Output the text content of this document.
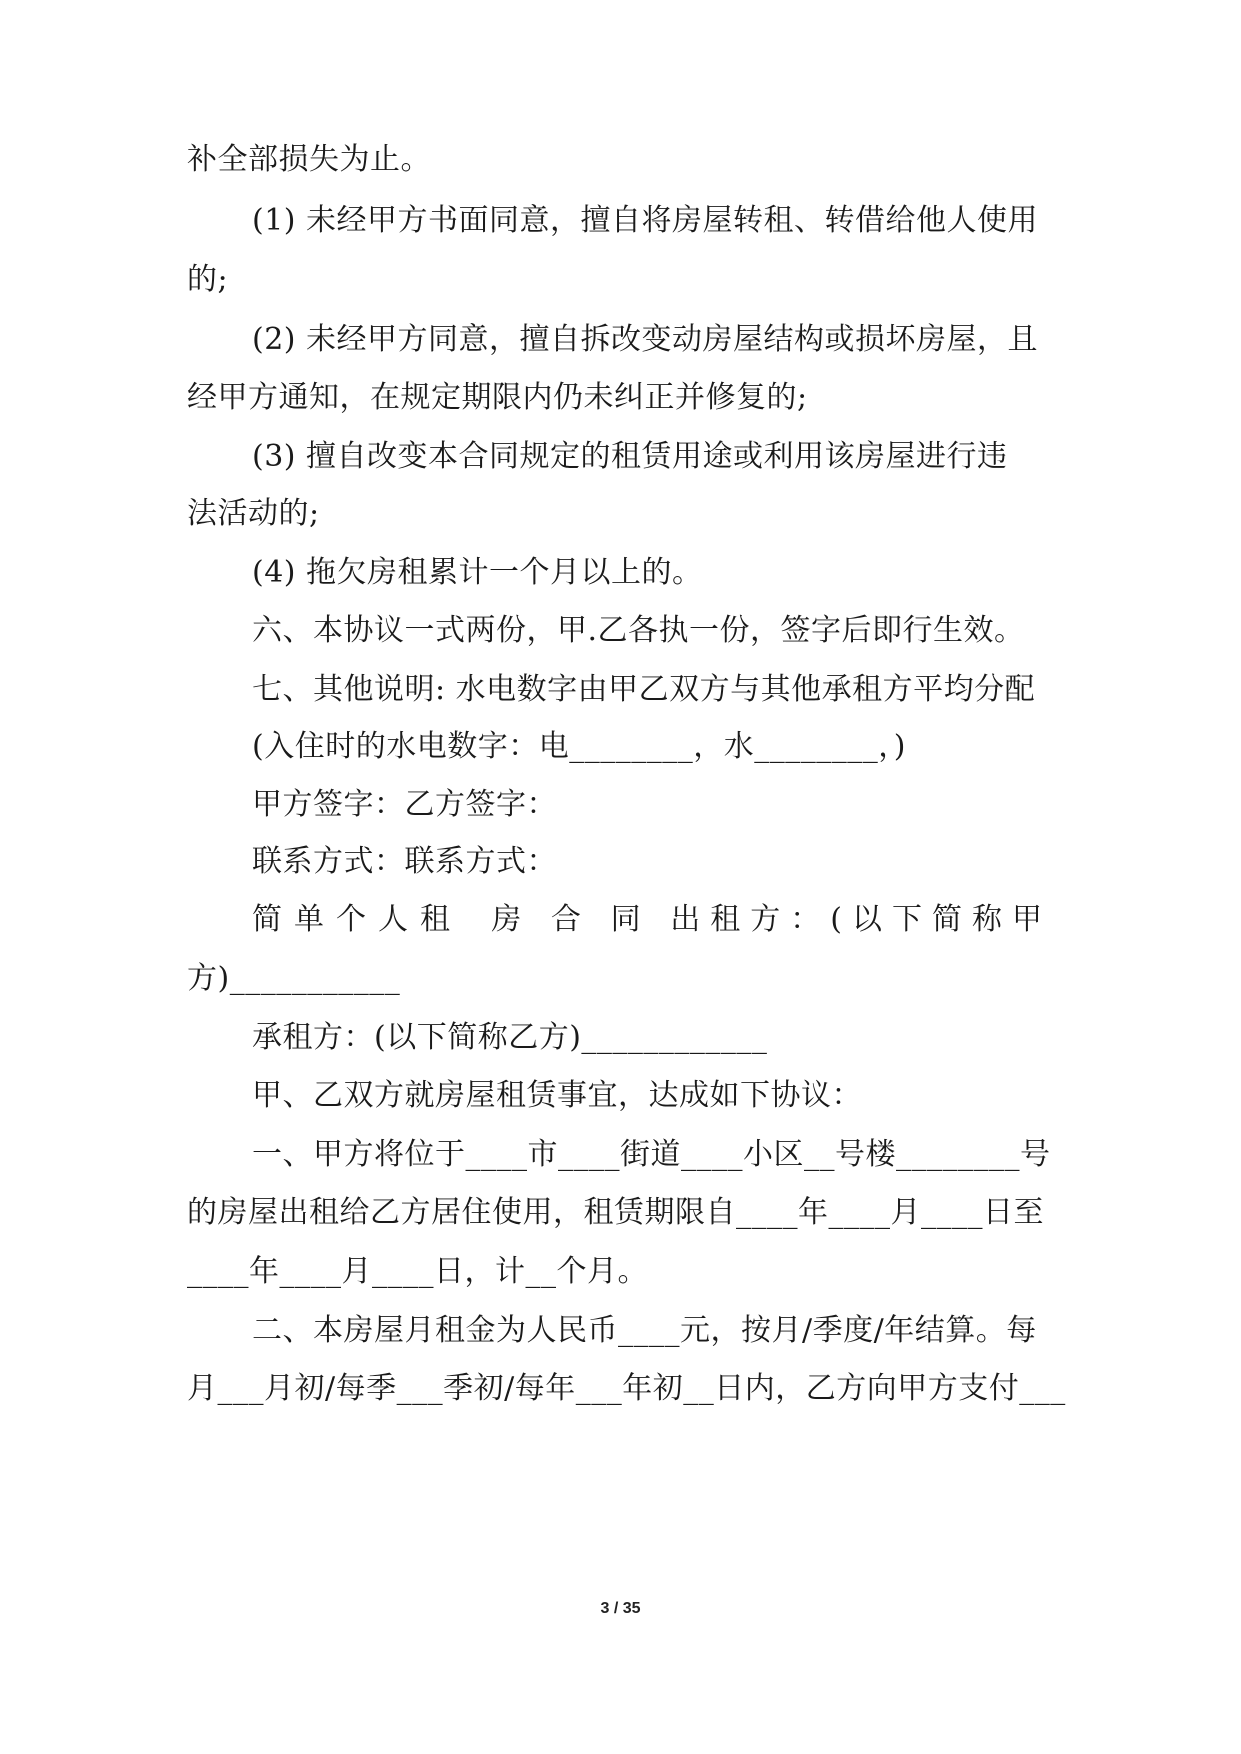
补全部损失为止。
(1) 未经甲方书面同意，擅自将房屋转租、转借给他人使用
的;
(2) 未经甲方同意，擅自拆改变动房屋结构或损坏房屋，且
经甲方通知，在规定期限内仍未纠正并修复的;
(3) 擅自改变本合同规定的租赁用途或利用该房屋进行违
法活动的;
(4) 拖欠房租累计一个月以上的。
六、本协议一式两份，甲.乙各执一份，签字后即行生效。
七、其他说明: 水电数字由甲乙双方与其他承租方平均分配
(入住时的水电数字：电________，水________，)
甲方签字：乙方签字：
联系方式：联系方式：
简单个人租 房 合 同 出租方：(以下简称甲
方)___________
承租方：(以下简称乙方)____________
甲、乙双方就房屋租赁事宜，达成如下协议：
一、甲方将位于____市____街道____小区__号楼________号
的房屋出租给乙方居住使用，租赁期限自____年____月____日至
____年____月____日，计__个月。
二、本房屋月租金为人民币____元，按月/季度/年结算。每
月___月初/每季___季初/每年___年初__日内，乙方向甲方支付___
3 / 35
